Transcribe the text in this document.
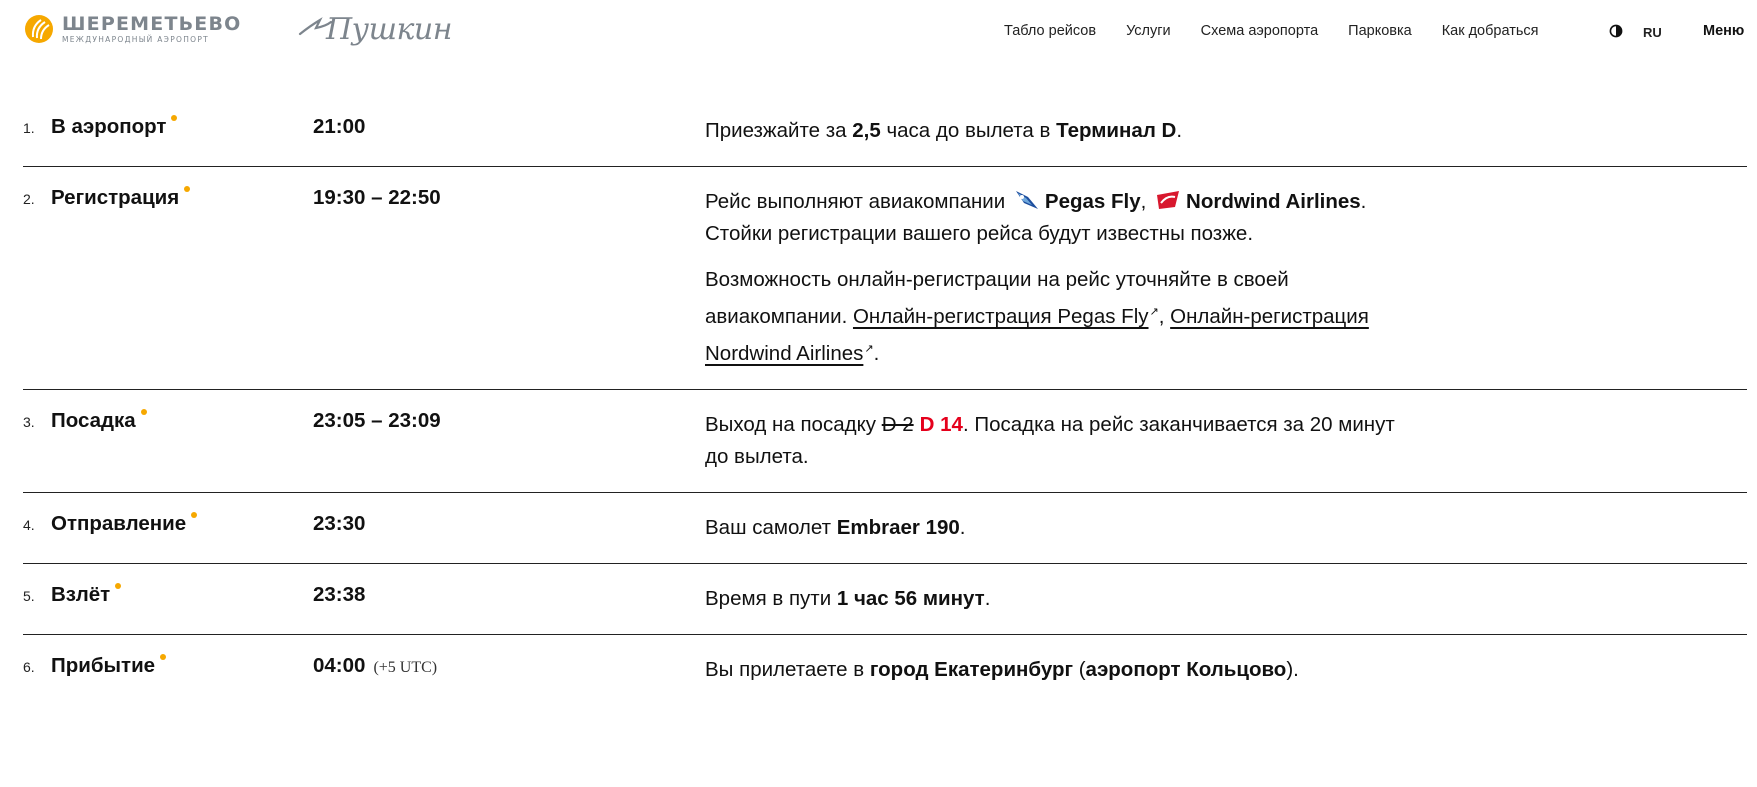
ШЕРЕМЕТЬЕВО
МЕЖДУНАРОДНЫЙ АЭРОПОРТ	Пушкин	Табло рейсов Услуги Схема аэропорта Парковка Как добраться	RU	Меню
1. В аэропорт	21:00	Приезжайте за 2,5 часа до вылета в Терминал D.

2. Регистрация	19:30 – 22:50	Рейс выполняют авиакомпании Pegas Fly, Nordwind Airlines.
Стойки регистрации вашего рейса будут известны позже.

Возможность онлайн-регистрации на рейс уточняйте в своей авиакомпании. Онлайн-регистрация Pegas Fly↗, Онлайн-регистрация Nordwind Airlines↗.

3. Посадка	23:05 – 23:09	Выход на посадку D 2 D 14. Посадка на рейс заканчивается за 20 минут до вылета.

4. Отправление	23:30	Ваш самолет Embraer 190.

5. Взлёт	23:38	Время в пути 1 час 56 минут.

6. Прибытие	04:00 (+5 UTC)	Вы прилетаете в город Екатеринбург (аэропорт Кольцово).
